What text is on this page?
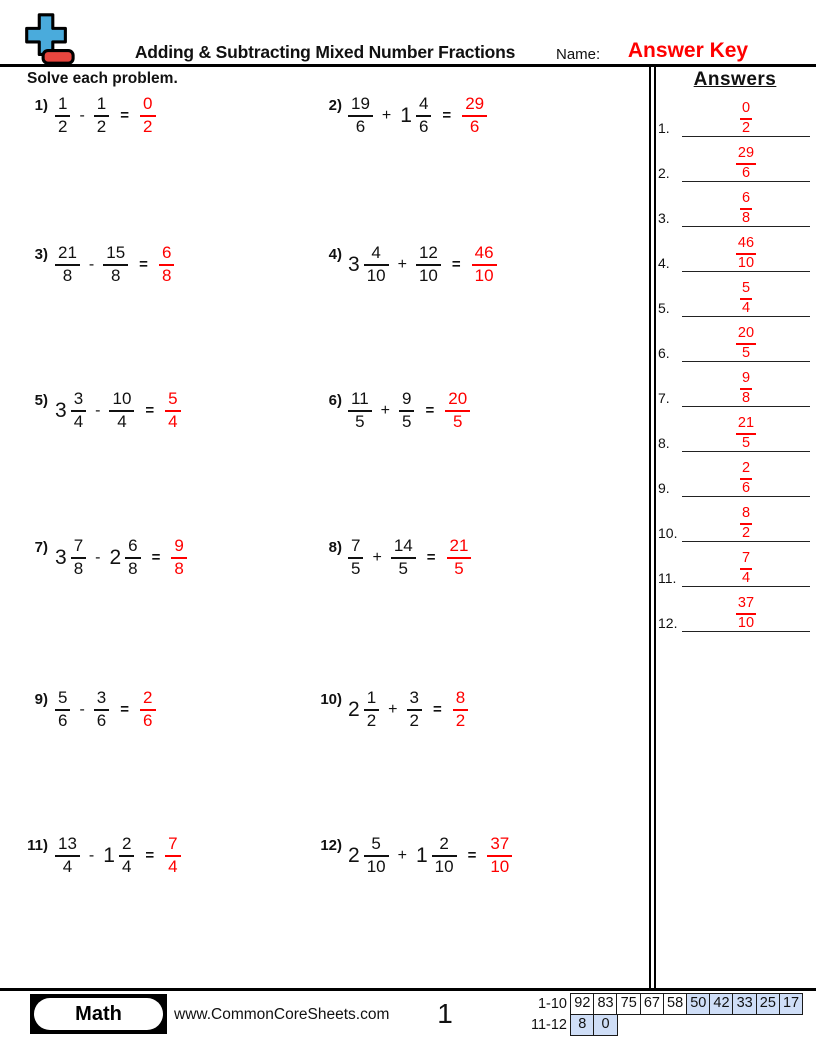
Adding & Subtracting Mixed Number Fractions	Name:	Answer Key
Solve each problem.	Answers
1.	$\frac{0}{2}$
2.	$\frac{29}{6}$
3.	$\frac{6}{8}$
4.	$\frac{46}{10}$
5.	$\frac{5}{4}$
6.	$\frac{20}{5}$
7.	$\frac{9}{8}$
8.	$\frac{21}{5}$
9.	$\frac{2}{6}$
10.	$\frac{8}{2}$
11.	$\frac{7}{4}$
12.	$\frac{37}{10}$
$1) \frac{1}{2} - \frac{1}{2} = \frac{0}{2}$	$2) \frac{19}{6} + 1 \frac{4}{6} = \frac{29}{6}$
$3) \frac{21}{8} - \frac{15}{8} = \frac{6}{8}$	4) $3 \frac{4}{10} + \frac{12}{10} = \frac{46}{10}$
5) $3 \frac{3}{4} - \frac{10}{4} = \frac{5}{4}$	$6) \frac{11}{5} + \frac{9}{5} = \frac{20}{5}$
7) $3 \frac{7}{8} - 2 \frac{6}{8} = \frac{9}{8}$	$8) \frac{7}{5} + \frac{14}{5} = \frac{21}{5}$
$9) \frac{5}{6} - \frac{3}{6} = \frac{2}{6}$	10) $2 \frac{1}{2} + \frac{3}{2} = \frac{8}{2}$
$11) \frac{13}{4} - 1 \frac{2}{4} = \frac{7}{4}$	12) $2 \frac{5}{10} + 1 \frac{2}{10} = \frac{37}{10}$
Math	www.CommonCoreSheets.com	1	1-10 92 83 75 67 58 50 42 33 25 17
11-12 8	0
